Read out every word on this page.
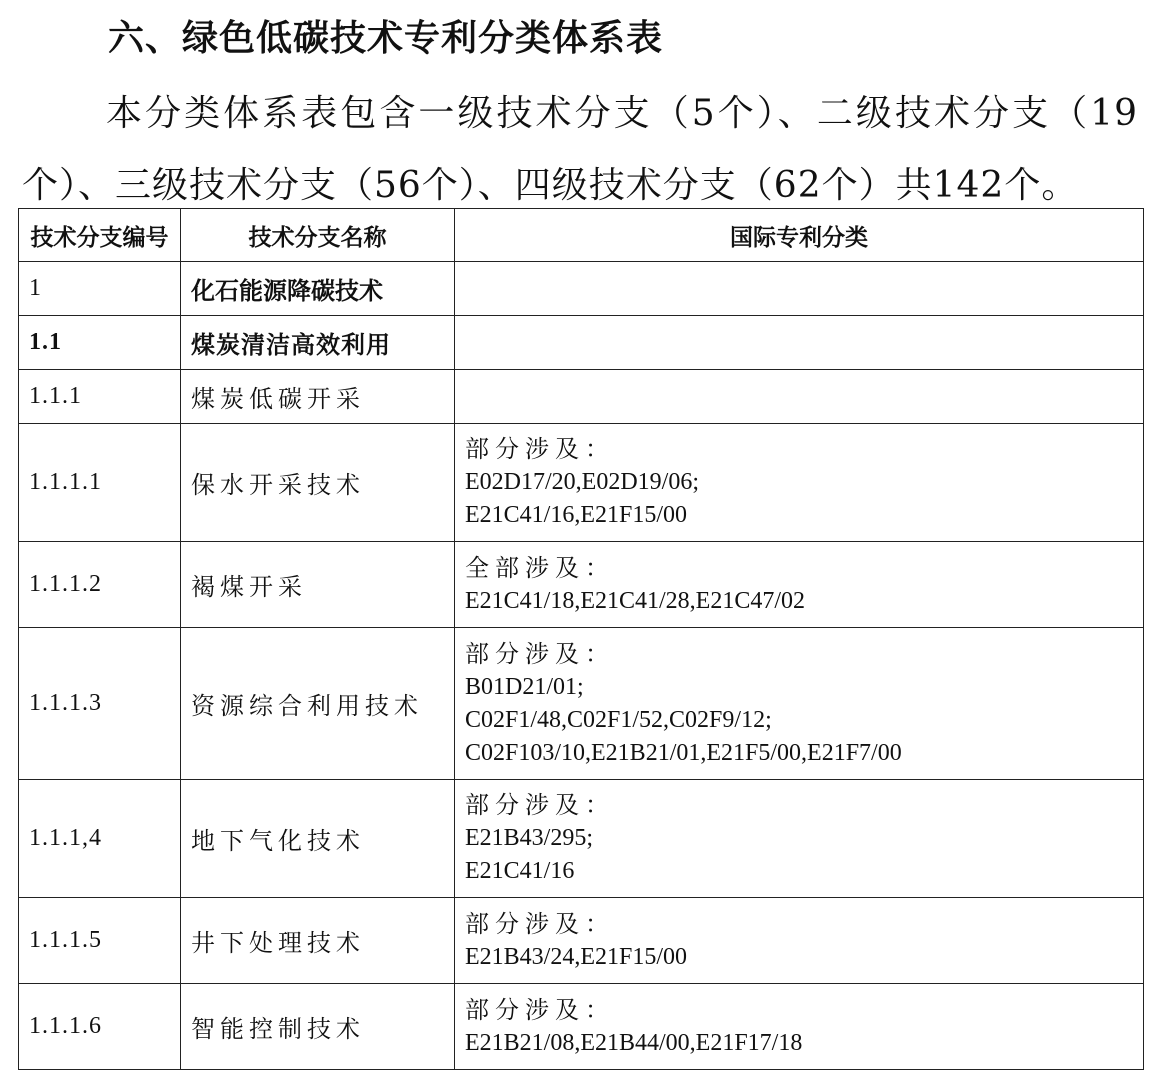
六、绿色低碳技术专利分类体系表
本分类体系表包含一级技术分支（5个）、二级技术分支（19个）、三级技术分支（56个）、四级技术分支（62个）共142个。
技术分支编号	技术分支名称	国际专利分类
1	化石能源降碳技术	
1.1	煤炭清洁高效利用	
1.1.1	煤炭低碳开采	
1.1.1.1	保水开采技术	部分涉及：
E02D17/20,E02D19/06;
E21C41/16,E21F15/00

1.1.1.2	褐煤开采	全部涉及：
E21C41/18,E21C41/28,E21C47/02

1.1.1.3	资源综合利用技术	部分涉及：
B01D21/01;
C02F1/48,C02F1/52,C02F9/12;
C02F103/10,E21B21/01,E21F5/00,E21F7/00

1.1.1,4	地下气化技术	部分涉及：
E21B43/295;
E21C41/16

1.1.1.5	井下处理技术	部分涉及：
E21B43/24,E21F15/00

1.1.1.6	智能控制技术	部分涉及：
E21B21/08,E21B44/00,E21F17/18
